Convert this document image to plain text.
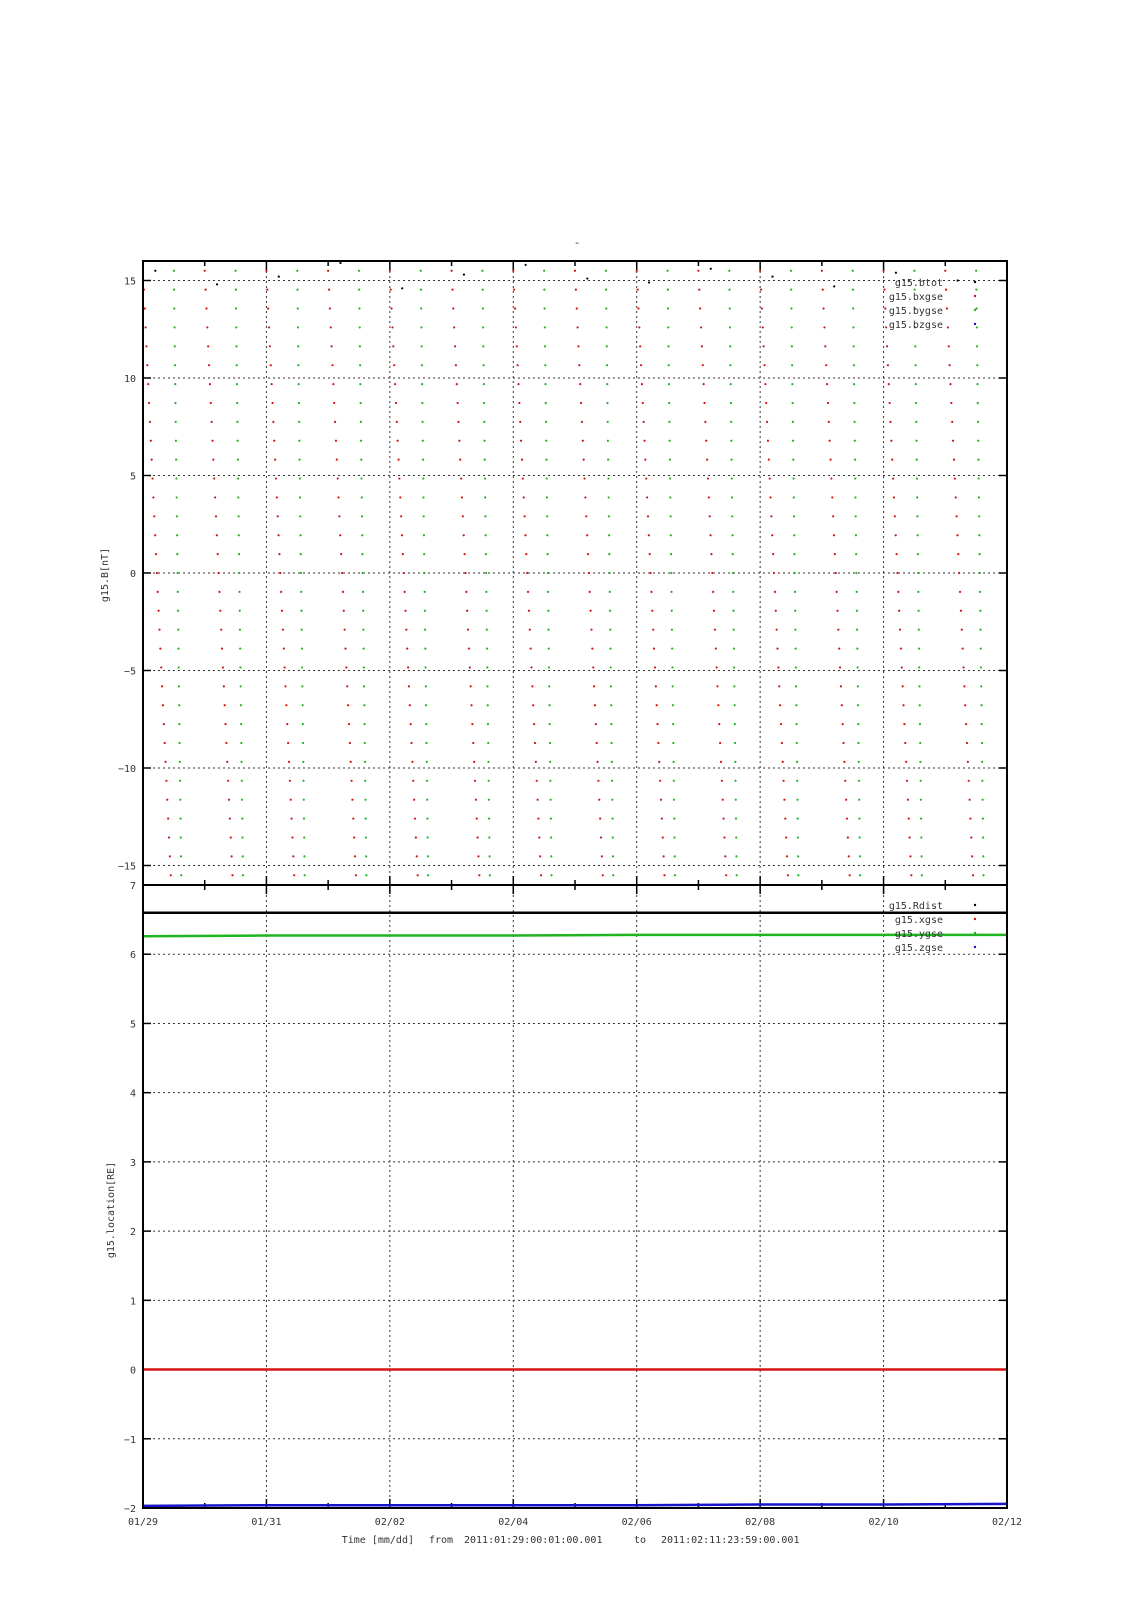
-
g15.B[nT]
15
10
5
0
−5
−10
−15
g15.btot
g15.bxgse
g15.bygse
g15.bzgse
g15.location[RE]
7
6
5
4
3
2
1
0
−1
−2
g15.Rdist
g15.xgse
g15.ygse
g15.zgse
01/29	01/31	02/02	02/04	02/06	02/08	02/10	02/12
Time [mm/dd] from 2011:01:29:00:01:00.001	to 2011:02:11:23:59:00.001
